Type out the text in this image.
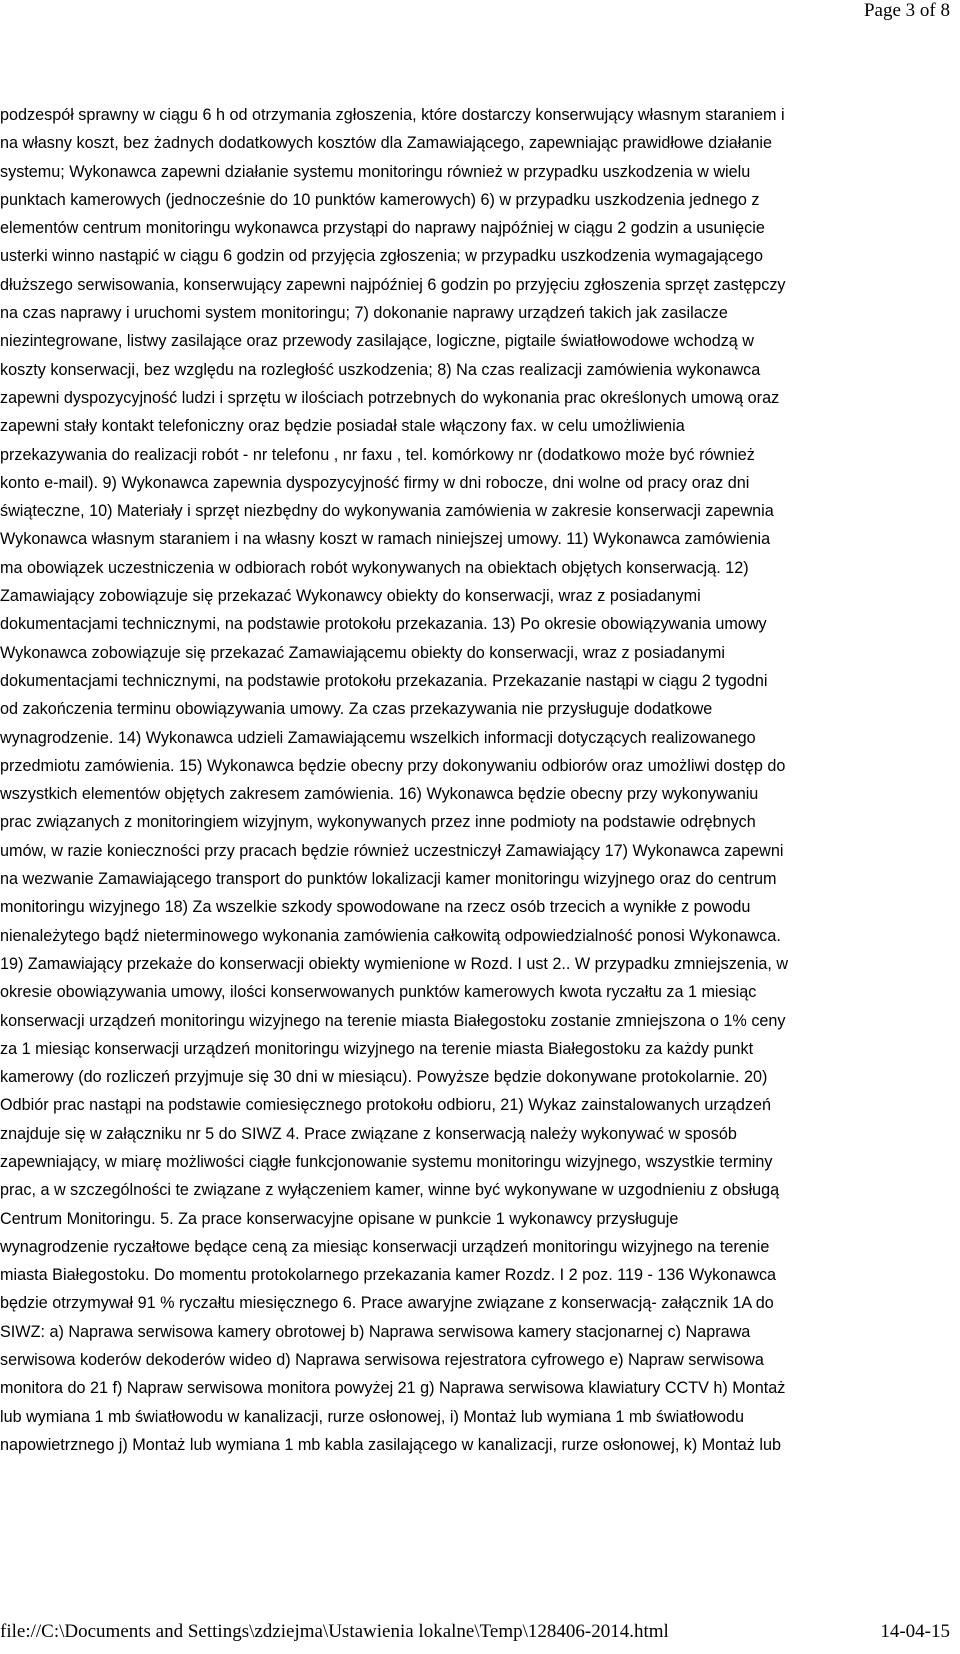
Page 3 of 8
podzespół sprawny w ciągu 6 h od otrzymania zgłoszenia, które dostarczy konserwujący własnym staraniem i
na własny koszt, bez żadnych dodatkowych kosztów dla Zamawiającego, zapewniając prawidłowe działanie
systemu; Wykonawca zapewni działanie systemu monitoringu również w przypadku uszkodzenia w wielu
punktach kamerowych (jednocześnie do 10 punktów kamerowych) 6) w przypadku uszkodzenia jednego z
elementów centrum monitoringu wykonawca przystąpi do naprawy najpóźniej w ciągu 2 godzin a usunięcie
usterki winno nastąpić w ciągu 6 godzin od przyjęcia zgłoszenia; w przypadku uszkodzenia wymagającego
dłuższego serwisowania, konserwujący zapewni najpóźniej 6 godzin po przyjęciu zgłoszenia sprzęt zastępczy
na czas naprawy i uruchomi system monitoringu; 7) dokonanie naprawy urządzeń takich jak zasilacze
niezintegrowane, listwy zasilające oraz przewody zasilające, logiczne, pigtaile światłowodowe wchodzą w
koszty konserwacji, bez względu na rozległość uszkodzenia; 8) Na czas realizacji zamówienia wykonawca
zapewni dyspozycyjność ludzi i sprzętu w ilościach potrzebnych do wykonania prac określonych umową oraz
zapewni stały kontakt telefoniczny oraz będzie posiadał stale włączony fax. w celu umożliwienia
przekazywania do realizacji robót - nr telefonu , nr faxu , tel. komórkowy nr (dodatkowo może być również
konto e-mail). 9) Wykonawca zapewnia dyspozycyjność firmy w dni robocze, dni wolne od pracy oraz dni
świąteczne, 10) Materiały i sprzęt niezbędny do wykonywania zamówienia w zakresie konserwacji zapewnia
Wykonawca własnym staraniem i na własny koszt w ramach niniejszej umowy. 11) Wykonawca zamówienia
ma obowiązek uczestniczenia w odbiorach robót wykonywanych na obiektach objętych konserwacją. 12)
Zamawiający zobowiązuje się przekazać Wykonawcy obiekty do konserwacji, wraz z posiadanymi
dokumentacjami technicznymi, na podstawie protokołu przekazania. 13) Po okresie obowiązywania umowy
Wykonawca zobowiązuje się przekazać Zamawiającemu obiekty do konserwacji, wraz z posiadanymi
dokumentacjami technicznymi, na podstawie protokołu przekazania. Przekazanie nastąpi w ciągu 2 tygodni
od zakończenia terminu obowiązywania umowy. Za czas przekazywania nie przysługuje dodatkowe
wynagrodzenie. 14) Wykonawca udzieli Zamawiającemu wszelkich informacji dotyczących realizowanego
przedmiotu zamówienia. 15) Wykonawca będzie obecny przy dokonywaniu odbiorów oraz umożliwi dostęp do
wszystkich elementów objętych zakresem zamówienia. 16) Wykonawca będzie obecny przy wykonywaniu
prac związanych z monitoringiem wizyjnym, wykonywanych przez inne podmioty na podstawie odrębnych
umów, w razie konieczności przy pracach będzie również uczestniczył Zamawiający 17) Wykonawca zapewni
na wezwanie Zamawiającego transport do punktów lokalizacji kamer monitoringu wizyjnego oraz do centrum
monitoringu wizyjnego 18) Za wszelkie szkody spowodowane na rzecz osób trzecich a wynikłe z powodu
nienależytego bądź nieterminowego wykonania zamówienia całkowitą odpowiedzialność ponosi Wykonawca.
19) Zamawiający przekaże do konserwacji obiekty wymienione w Rozd. I ust 2.. W przypadku zmniejszenia, w
okresie obowiązywania umowy, ilości konserwowanych punktów kamerowych kwota ryczałtu za 1 miesiąc
konserwacji urządzeń monitoringu wizyjnego na terenie miasta Białegostoku zostanie zmniejszona o 1% ceny
za 1 miesiąc konserwacji urządzeń monitoringu wizyjnego na terenie miasta Białegostoku za każdy punkt
kamerowy (do rozliczeń przyjmuje się 30 dni w miesiącu). Powyższe będzie dokonywane protokolarnie. 20)
Odbiór prac nastąpi na podstawie comiesięcznego protokołu odbioru, 21) Wykaz zainstalowanych urządzeń
znajduje się w załączniku nr 5 do SIWZ 4. Prace związane z konserwacją należy wykonywać w sposób
zapewniający, w miarę możliwości ciągłe funkcjonowanie systemu monitoringu wizyjnego, wszystkie terminy
prac, a w szczególności te związane z wyłączeniem kamer, winne być wykonywane w uzgodnieniu z obsługą
Centrum Monitoringu. 5. Za prace konserwacyjne opisane w punkcie 1 wykonawcy przysługuje
wynagrodzenie ryczałtowe będące ceną za miesiąc konserwacji urządzeń monitoringu wizyjnego na terenie
miasta Białegostoku. Do momentu protokolarnego przekazania kamer Rozdz. I 2 poz. 119 - 136 Wykonawca
będzie otrzymywał 91 % ryczałtu miesięcznego 6. Prace awaryjne związane z konserwacją- załącznik 1A do
SIWZ: a) Naprawa serwisowa kamery obrotowej b) Naprawa serwisowa kamery stacjonarnej c) Naprawa
serwisowa koderów dekoderów wideo d) Naprawa serwisowa rejestratora cyfrowego e) Napraw serwisowa
monitora do 21 f) Napraw serwisowa monitora powyżej 21 g) Naprawa serwisowa klawiatury CCTV h) Montaż
lub wymiana 1 mb światłowodu w kanalizacji, rurze osłonowej, i) Montaż lub wymiana 1 mb światłowodu
napowietrznego j) Montaż lub wymiana 1 mb kabla zasilającego w kanalizacji, rurze osłonowej, k) Montaż lub
file://C:\Documents and Settings\zdziejma\Ustawienia lokalne\Temp\128406-2014.html	14-04-15
